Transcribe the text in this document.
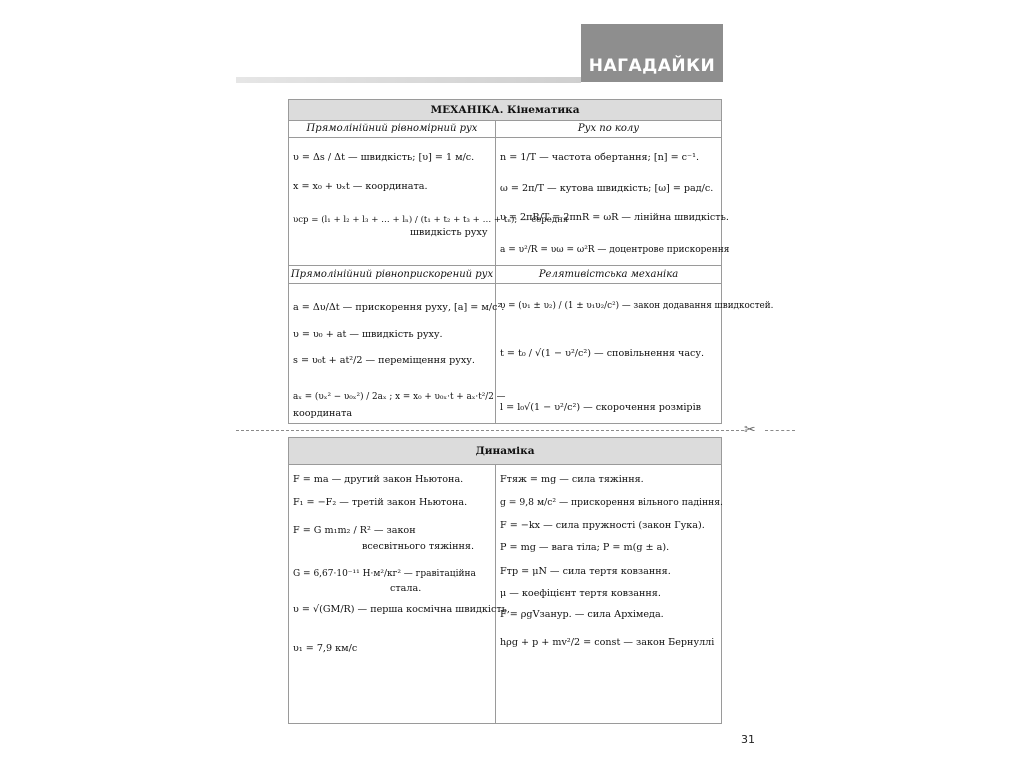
НАГАДАЙКИ
МЕХАНІКА. Кінематика
Прямолінійний рівномірний рух	Рух по колу
Прямолінійний рівноприскорений рух	Релятивістська механіка
υ = Δs / Δt — швидкість; [υ] = 1 м/с.
x = x₀ + υₓt — координата.
υср = (l₁ + l₂ + l₃ + … + lₙ) / (t₁ + t₂ + t₃ + … + tₙ); — середня
швидкість руху
n = 1/T — частота обертання; [n] = с⁻¹.
ω = 2π/T — кутова швидкість; [ω] = рад/с.
υ = 2πR/T = 2πnR = ωR — лінійна швидкість.
a = υ²/R = υω = ω²R — доцентрове прискорення
a = Δυ/Δt — прискорення руху, [a] = м/с².
υ = υ₀ + at — швидкість руху.
s = υ₀t + at²/2 — переміщення руху.
aₓ = (υₓ² − υ₀ₓ²) / 2aₓ ; x = x₀ + υ₀ₓ·t + aₓ·t²/2 —
координата
υ = (υ₁ ± υ₂) / (1 ± υ₁υ₂/c²) — закон додавання швидкостей.
t = t₀ / √(1 − υ²/c²) — сповільнення часу.
l = l₀√(1 − υ²/c²) — скорочення розмірів
✂
Динаміка
F = ma — другий закон Ньютона.
F₁ = −F₂ — третій закон Ньютона.
F = G m₁m₂ / R² — закон
всесвітнього тяжіння.
G = 6,67·10⁻¹¹ Н·м²/кг² — гравітаційна
стала.
υ = √(GM/R) — перша космічна швидкість,
υ₁ = 7,9 км/с
Fтяж = mg — сила тяжіння.
g = 9,8 м/с² — прискорення вільного падіння.
F = −kx — сила пружності (закон Гука).
P = mg — вага тіла; P = m(g ± a).
Fтр = μN — сила тертя ковзання.
μ — коефіцієнт тертя ковзання.
F = ρgVзанур. — сила Архімеда.
hρg + p + mv²/2 = const — закон Бернуллі
31
